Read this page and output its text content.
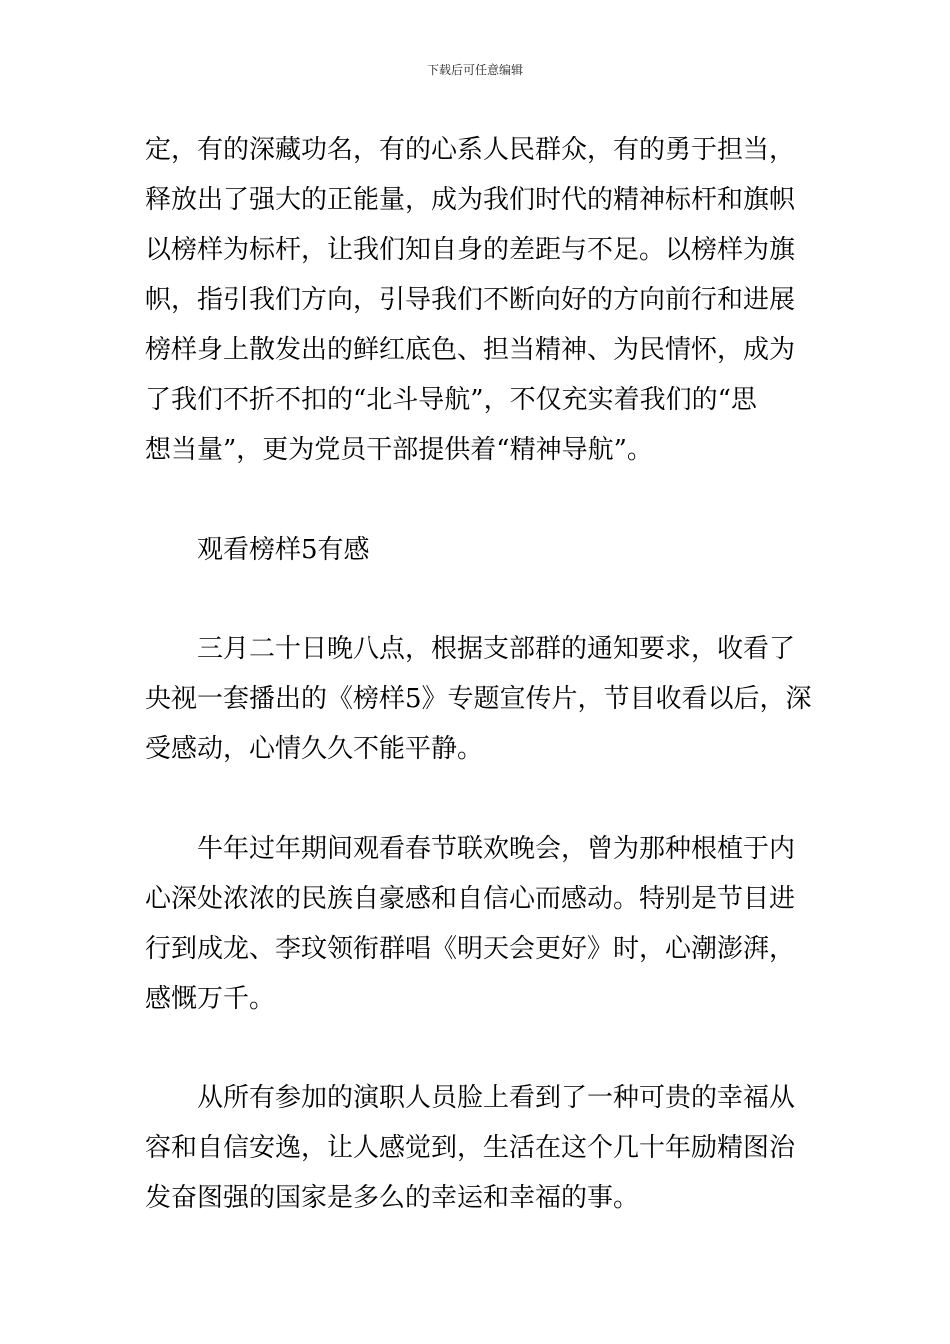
下载后可任意编辑
定，有的深藏功名，有的心系人民群众，有的勇于担当，
释放出了强大的正能量，成为我们时代的精神标杆和旗帜
以榜样为标杆，让我们知自身的差距与不足。以榜样为旗
帜，指引我们方向，引导我们不断向好的方向前行和进展
榜样身上散发出的鲜红底色、担当精神、为民情怀，成为
了我们不折不扣的“北斗导航”，不仅充实着我们的“思
想当量”，更为党员干部提供着“精神导航”。
观看榜样5有感
三月二十日晚八点，根据支部群的通知要求，收看了
央视一套播出的《榜样5》专题宣传片，节目收看以后，深
受感动，心情久久不能平静。
牛年过年期间观看春节联欢晚会，曾为那种根植于内
心深处浓浓的民族自豪感和自信心而感动。特别是节目进
行到成龙、李玟领衔群唱《明天会更好》时，心潮澎湃，
感慨万千。
从所有参加的演职人员脸上看到了一种可贵的幸福从
容和自信安逸，让人感觉到，生活在这个几十年励精图治
发奋图强的国家是多么的幸运和幸福的事。
